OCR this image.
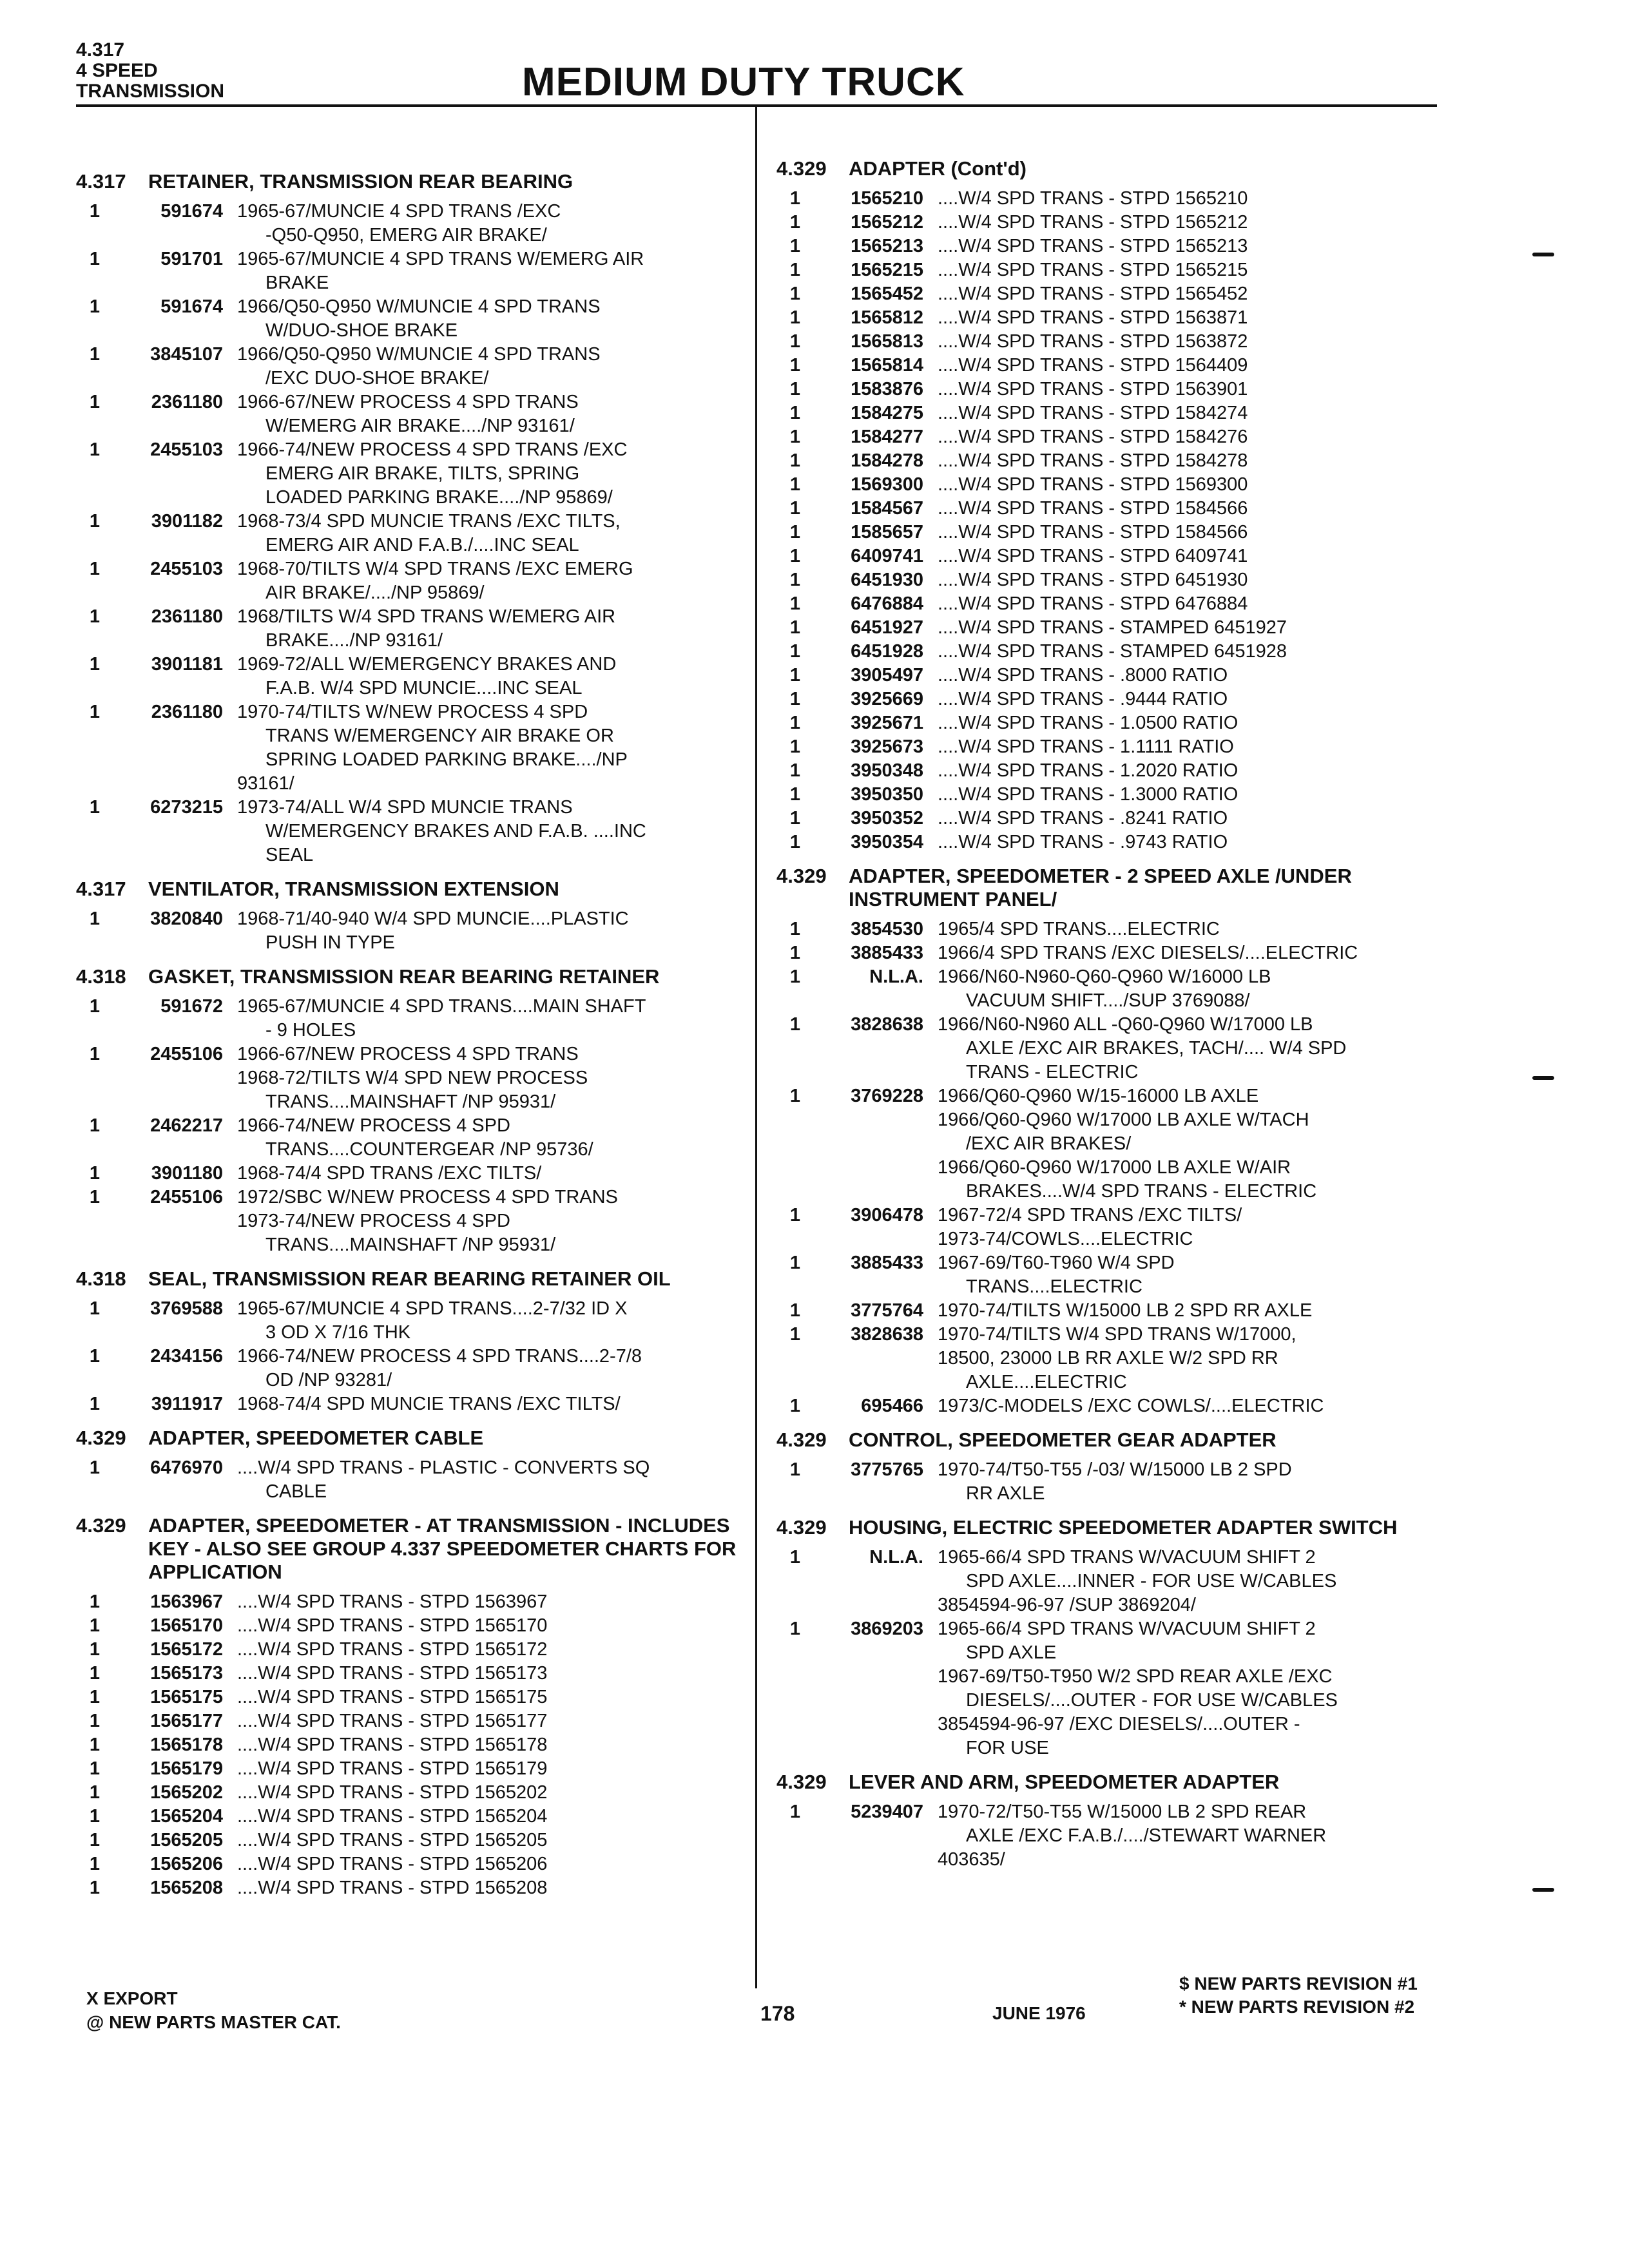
4.317
4 SPEED
TRANSMISSION	MEDIUM DUTY TRUCK
4.317	RETAINER, TRANSMISSION REAR BEARING
1	591674 1965-67/MUNCIE 4 SPD TRANS /EXC
-Q50-Q950, EMERG AIR BRAKE/
1	591701 1965-67/MUNCIE 4 SPD TRANS W/EMERG AIR
BRAKE
1	591674 1966/Q50-Q950 W/MUNCIE 4 SPD TRANS
W/DUO-SHOE BRAKE
1	3845107 1966/Q50-Q950 W/MUNCIE 4 SPD TRANS
/EXC DUO-SHOE BRAKE/
1	2361180 1966-67/NEW PROCESS 4 SPD TRANS
W/EMERG AIR BRAKE..../NP 93161/
1	2455103 1966-74/NEW PROCESS 4 SPD TRANS /EXC
EMERG AIR BRAKE, TILTS, SPRING
LOADED PARKING BRAKE..../NP 95869/
1	3901182 1968-73/4 SPD MUNCIE TRANS /EXC TILTS,
EMERG AIR AND F.A.B./....INC SEAL
1	2455103 1968-70/TILTS W/4 SPD TRANS /EXC EMERG
AIR BRAKE/..../NP 95869/
1	2361180 1968/TILTS W/4 SPD TRANS W/EMERG AIR
BRAKE..../NP 93161/
1	3901181 1969-72/ALL W/EMERGENCY BRAKES AND
F.A.B. W/4 SPD MUNCIE....INC SEAL
1	2361180 1970-74/TILTS W/NEW PROCESS 4 SPD
TRANS W/EMERGENCY AIR BRAKE OR
SPRING LOADED PARKING BRAKE..../NP
93161/
1	6273215 1973-74/ALL W/4 SPD MUNCIE TRANS
W/EMERGENCY BRAKES AND F.A.B. ....INC
SEAL
4.317	VENTILATOR, TRANSMISSION EXTENSION
1	3820840 1968-71/40-940 W/4 SPD MUNCIE....PLASTIC
PUSH IN TYPE
4.318	GASKET, TRANSMISSION REAR BEARING RETAINER
1	591672 1965-67/MUNCIE 4 SPD TRANS....MAIN SHAFT
- 9 HOLES
1	2455106 1966-67/NEW PROCESS 4 SPD TRANS
1968-72/TILTS W/4 SPD NEW PROCESS
TRANS....MAINSHAFT /NP 95931/
1	2462217 1966-74/NEW PROCESS 4 SPD
TRANS....COUNTERGEAR /NP 95736/
1	3901180 1968-74/4 SPD TRANS /EXC TILTS/
1	2455106 1972/SBC W/NEW PROCESS 4 SPD TRANS
1973-74/NEW PROCESS 4 SPD
TRANS....MAINSHAFT /NP 95931/
4.318	SEAL, TRANSMISSION REAR BEARING RETAINER OIL
1	3769588 1965-67/MUNCIE 4 SPD TRANS....2-7/32 ID X
3 OD X 7/16 THK
1	2434156 1966-74/NEW PROCESS 4 SPD TRANS....2-7/8
OD /NP 93281/
1	3911917 1968-74/4 SPD MUNCIE TRANS /EXC TILTS/
4.329	ADAPTER, SPEEDOMETER CABLE
1	6476970 ....W/4 SPD TRANS - PLASTIC - CONVERTS SQ
CABLE
4.329	ADAPTER, SPEEDOMETER - AT TRANSMISSION - INCLUDES KEY - ALSO SEE GROUP 4.337 SPEEDOMETER CHARTS FOR APPLICATION
1	1563967 ....W/4 SPD TRANS - STPD 1563967
1	1565170 ....W/4 SPD TRANS - STPD 1565170
1	1565172 ....W/4 SPD TRANS - STPD 1565172
1	1565173 ....W/4 SPD TRANS - STPD 1565173
1	1565175 ....W/4 SPD TRANS - STPD 1565175
1	1565177 ....W/4 SPD TRANS - STPD 1565177
1	1565178 ....W/4 SPD TRANS - STPD 1565178
1	1565179 ....W/4 SPD TRANS - STPD 1565179
1	1565202 ....W/4 SPD TRANS - STPD 1565202
1	1565204 ....W/4 SPD TRANS - STPD 1565204
1	1565205 ....W/4 SPD TRANS - STPD 1565205
1	1565206 ....W/4 SPD TRANS - STPD 1565206
1	1565208 ....W/4 SPD TRANS - STPD 1565208
4.329	ADAPTER (Cont'd)
1	1565210 ....W/4 SPD TRANS - STPD 1565210
1	1565212 ....W/4 SPD TRANS - STPD 1565212
1	1565213 ....W/4 SPD TRANS - STPD 1565213
1	1565215 ....W/4 SPD TRANS - STPD 1565215
1	1565452 ....W/4 SPD TRANS - STPD 1565452
1	1565812 ....W/4 SPD TRANS - STPD 1563871
1	1565813 ....W/4 SPD TRANS - STPD 1563872
1	1565814 ....W/4 SPD TRANS - STPD 1564409
1	1583876 ....W/4 SPD TRANS - STPD 1563901
1	1584275 ....W/4 SPD TRANS - STPD 1584274
1	1584277 ....W/4 SPD TRANS - STPD 1584276
1	1584278 ....W/4 SPD TRANS - STPD 1584278
1	1569300 ....W/4 SPD TRANS - STPD 1569300
1	1584567 ....W/4 SPD TRANS - STPD 1584566
1	1585657 ....W/4 SPD TRANS - STPD 1584566
1	6409741 ....W/4 SPD TRANS - STPD 6409741
1	6451930 ....W/4 SPD TRANS - STPD 6451930
1	6476884 ....W/4 SPD TRANS - STPD 6476884
1	6451927 ....W/4 SPD TRANS - STAMPED 6451927
1	6451928 ....W/4 SPD TRANS - STAMPED 6451928
1	3905497 ....W/4 SPD TRANS - .8000 RATIO
1	3925669 ....W/4 SPD TRANS - .9444 RATIO
1	3925671 ....W/4 SPD TRANS - 1.0500 RATIO
1	3925673 ....W/4 SPD TRANS - 1.1111 RATIO
1	3950348 ....W/4 SPD TRANS - 1.2020 RATIO
1	3950350 ....W/4 SPD TRANS - 1.3000 RATIO
1	3950352 ....W/4 SPD TRANS - .8241 RATIO
1	3950354 ....W/4 SPD TRANS - .9743 RATIO
4.329	ADAPTER, SPEEDOMETER - 2 SPEED AXLE /UNDER INSTRUMENT PANEL/
1	3854530 1965/4 SPD TRANS....ELECTRIC
1	3885433 1966/4 SPD TRANS /EXC DIESELS/....ELECTRIC
1	N.L.A. 1966/N60-N960-Q60-Q960 W/16000 LB
VACUUM SHIFT..../SUP 3769088/
1	3828638 1966/N60-N960 ALL -Q60-Q960 W/17000 LB
AXLE /EXC AIR BRAKES, TACH/.... W/4 SPD
TRANS - ELECTRIC
1	3769228 1966/Q60-Q960 W/15-16000 LB AXLE
1966/Q60-Q960 W/17000 LB AXLE W/TACH
/EXC AIR BRAKES/
1966/Q60-Q960 W/17000 LB AXLE W/AIR
BRAKES....W/4 SPD TRANS - ELECTRIC
1	3906478 1967-72/4 SPD TRANS /EXC TILTS/
1973-74/COWLS....ELECTRIC
1	3885433 1967-69/T60-T960 W/4 SPD
TRANS....ELECTRIC
1	3775764 1970-74/TILTS W/15000 LB 2 SPD RR AXLE
1	3828638 1970-74/TILTS W/4 SPD TRANS W/17000,
18500, 23000 LB RR AXLE W/2 SPD RR
AXLE....ELECTRIC
1	695466 1973/C-MODELS /EXC COWLS/....ELECTRIC
4.329	CONTROL, SPEEDOMETER GEAR ADAPTER
1	3775765 1970-74/T50-T55 /-03/ W/15000 LB 2 SPD
RR AXLE
4.329	HOUSING, ELECTRIC SPEEDOMETER ADAPTER SWITCH
1	N.L.A. 1965-66/4 SPD TRANS W/VACUUM SHIFT 2
SPD AXLE....INNER - FOR USE W/CABLES
3854594-96-97 /SUP 3869204/
1	3869203 1965-66/4 SPD TRANS W/VACUUM SHIFT 2
SPD AXLE
1967-69/T50-T950 W/2 SPD REAR AXLE /EXC
DIESELS/....OUTER - FOR USE W/CABLES
3854594-96-97 /EXC DIESELS/....OUTER -
FOR USE
4.329	LEVER AND ARM, SPEEDOMETER ADAPTER
1	5239407 1970-72/T50-T55 W/15000 LB 2 SPD REAR
AXLE /EXC F.A.B./..../STEWART WARNER
403635/
X EXPORT
@ NEW PARTS MASTER CAT.	178	JUNE 1976
$ NEW PARTS REVISION #1
* NEW PARTS REVISION #2
